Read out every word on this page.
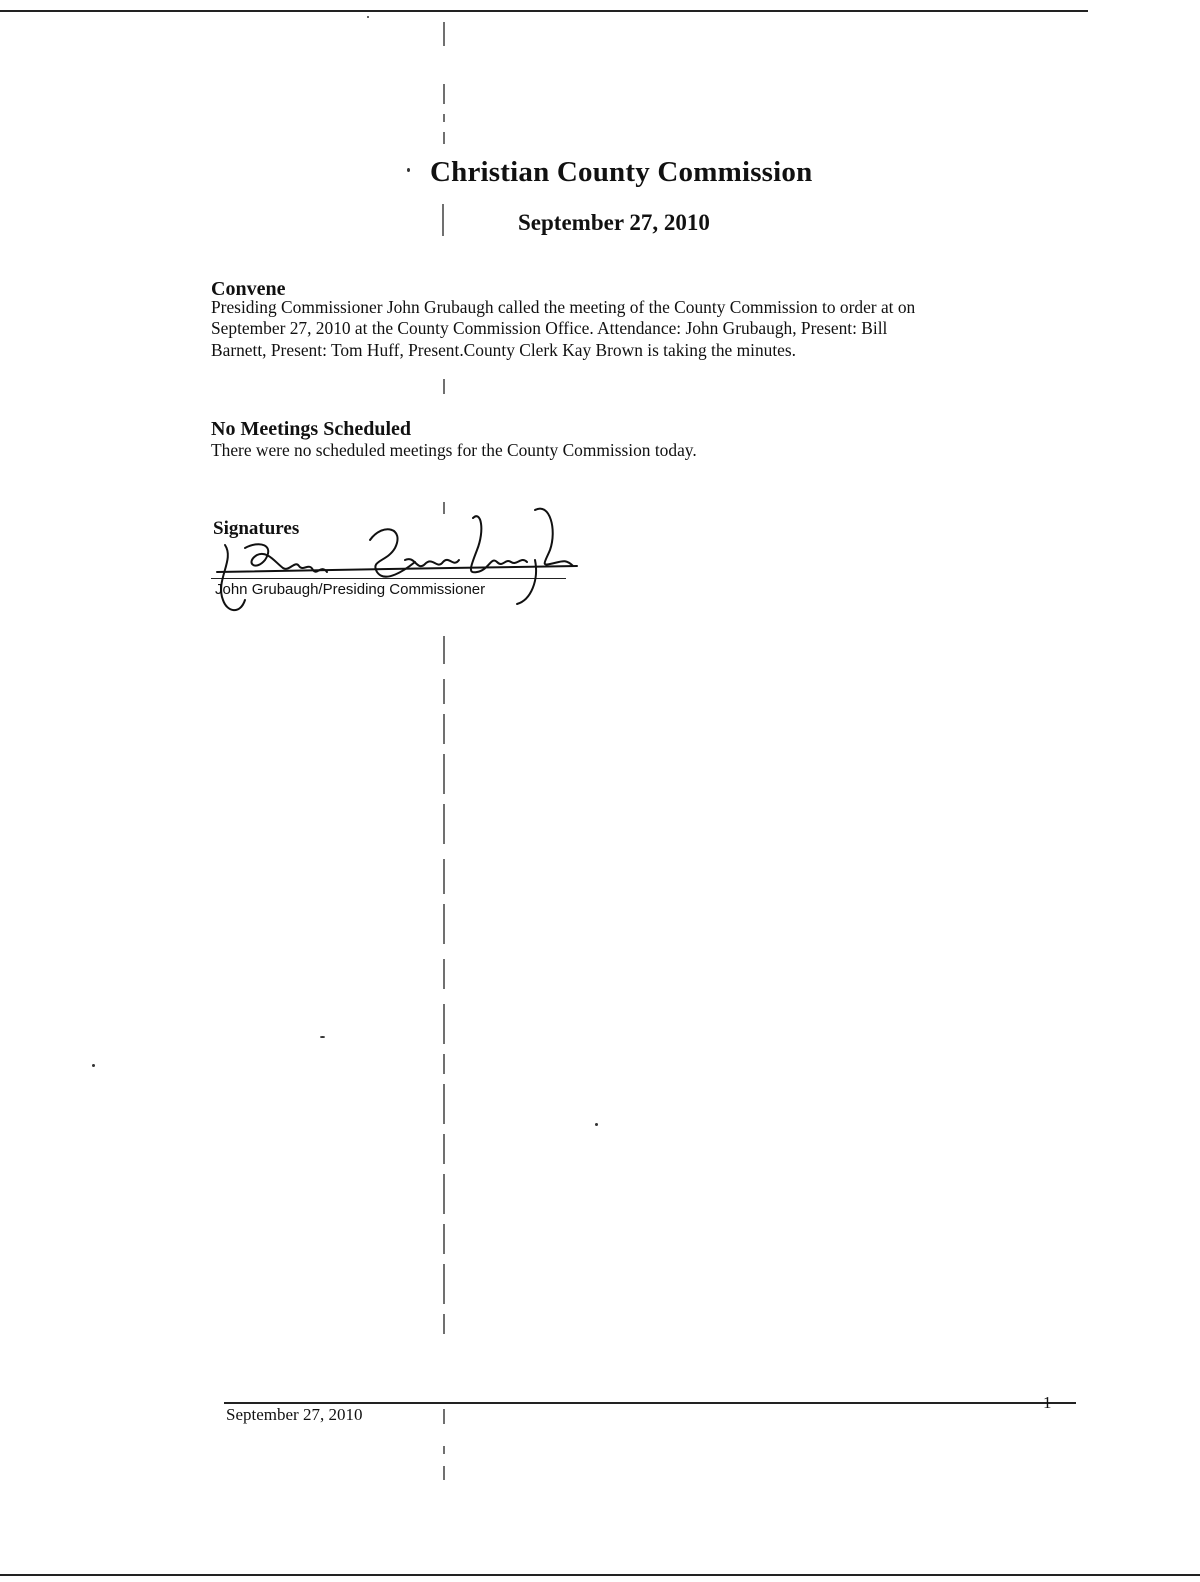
Christian County Commission
September 27, 2010
Convene
Presiding Commissioner John Grubaugh called the meeting of the County Commission to order at on
September 27, 2010 at the County Commission Office. Attendance: John Grubaugh, Present: Bill
Barnett, Present: Tom Huff, Present.County Clerk Kay Brown is taking the minutes.
No Meetings Scheduled
There were no scheduled meetings for the County Commission today.
Signatures
John Grubaugh/Presiding Commissioner
September 27, 2010
1
